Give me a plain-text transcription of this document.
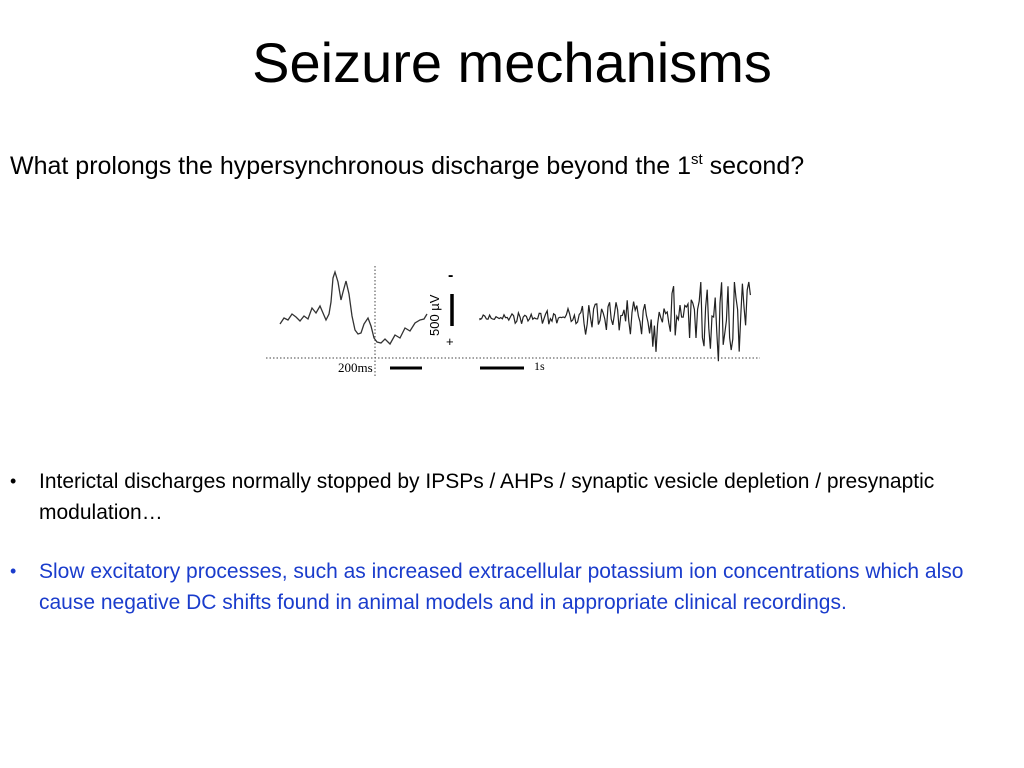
Seizure mechanisms
What prolongs the hypersynchronous discharge beyond the 1st second?
-
+
500 µV
200ms	1s
• Interictal discharges normally stopped by IPSPs / AHPs / synaptic vesicle depletion / presynaptic modulation…
• Slow excitatory processes, such as increased extracellular potassium ion concentrations which also cause negative DC shifts found in animal models and in appropriate clinical recordings.
